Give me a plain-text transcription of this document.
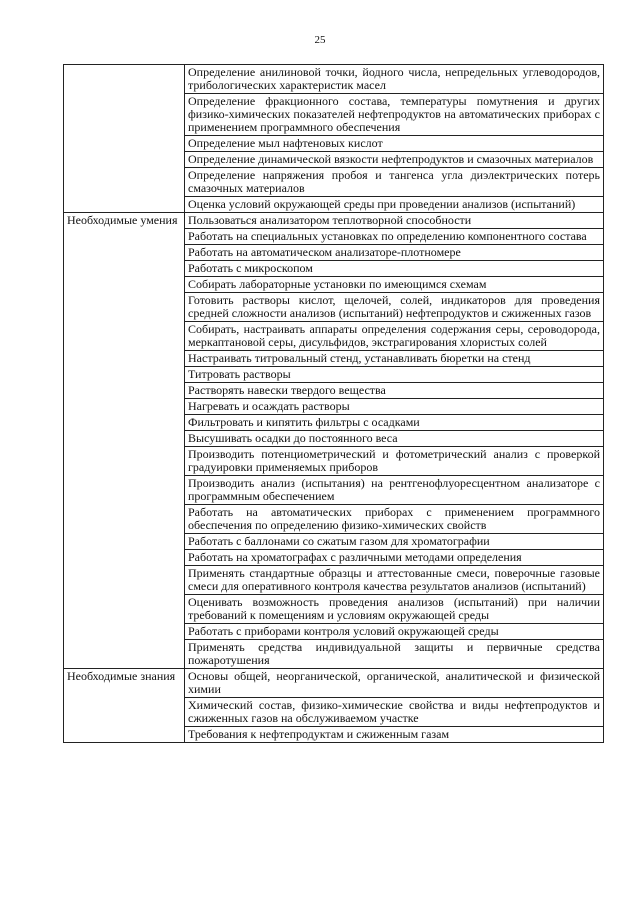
25
	Определение анилиновой точки, йодного числа, непредельных углеводородов, трибологических характеристик масел
	Определение фракционного состава, температуры помутнения и других физико-химических показателей нефтепродуктов на автоматических приборах с применением программного обеспечения
	Определение мыл нафтеновых кислот
	Определение динамической вязкости нефтепродуктов и смазочных материалов
	Определение напряжения пробоя и тангенса угла диэлектрических потерь смазочных материалов
	Оценка условий окружающей среды при проведении анализов (испытаний)
Необходимые умения	Пользоваться анализатором теплотворной способности
	Работать на специальных установках по определению компонентного состава
	Работать на автоматическом анализаторе-плотномере
	Работать с микроскопом
	Собирать лабораторные установки по имеющимся схемам
	Готовить растворы кислот, щелочей, солей, индикаторов для проведения средней сложности анализов (испытаний) нефтепродуктов и сжиженных газов
	Собирать, настраивать аппараты определения содержания серы, сероводорода, меркаптановой серы, дисульфидов, экстрагирования хлористых солей
	Настраивать титровальный стенд, устанавливать бюретки на стенд
	Титровать растворы
	Растворять навески твердого вещества
	Нагревать и осаждать растворы
	Фильтровать и кипятить фильтры с осадками
	Высушивать осадки до постоянного веса
	Производить потенциометрический и фотометрический анализ с проверкой градуировки применяемых приборов
	Производить анализ (испытания) на рентгенофлуоресцентном анализаторе с программным обеспечением
	Работать на автоматических приборах с применением программного обеспечения по определению физико-химических свойств
	Работать с баллонами со сжатым газом для хроматографии
	Работать на хроматографах с различными методами определения
	Применять стандартные образцы и аттестованные смеси, поверочные газовые смеси для оперативного контроля качества результатов анализов (испытаний)
	Оценивать возможность проведения анализов (испытаний) при наличии требований к помещениям и условиям окружающей среды
	Работать с приборами контроля условий окружающей среды
	Применять средства индивидуальной защиты и первичные средства пожаротушения
Необходимые знания	Основы общей, неорганической, органической, аналитической и физической химии
	Химический состав, физико-химические свойства и виды нефтепродуктов и сжиженных газов на обслуживаемом участке
	Требования к нефтепродуктам и сжиженным газам
